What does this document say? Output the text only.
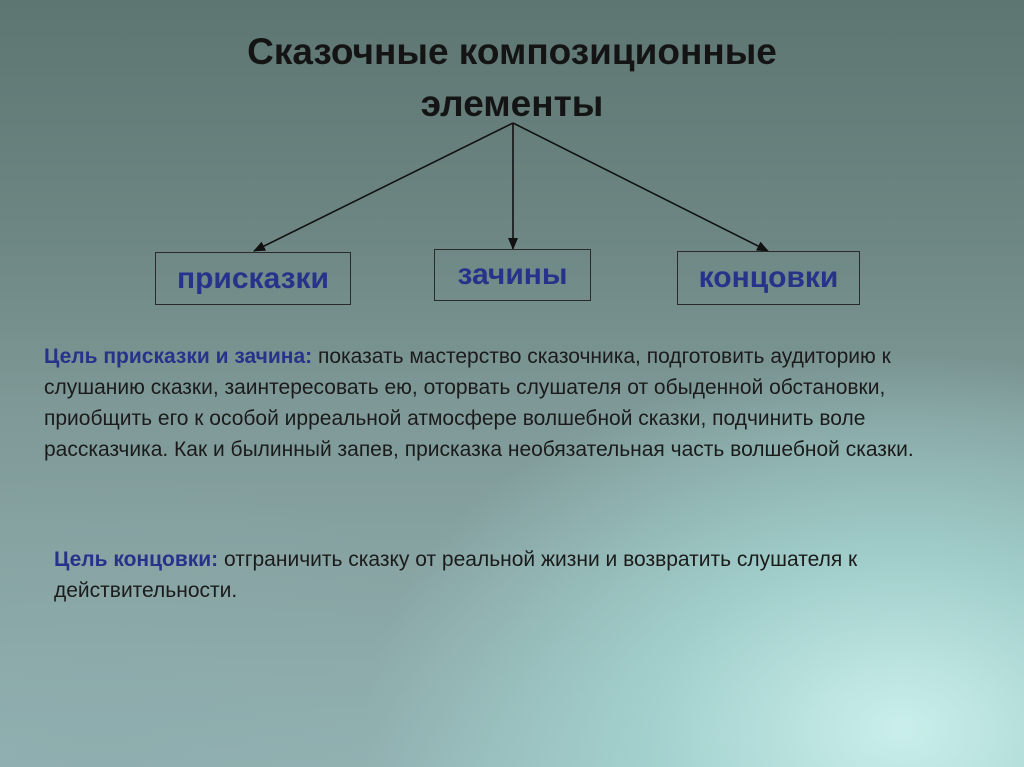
Сказочные композиционные
элементы
присказки	зачины	концовки

Цель присказки и зачина: показать мастерство сказочника, подготовить аудиторию к слушанию сказки, заинтересовать ею, оторвать слушателя от обыденной обстановки, приобщить его к особой ирреальной атмосфере волшебной сказки, подчинить воле рассказчика. Как и былинный запев, присказка необязательная часть волшебной сказки.

Цель концовки: отграничить сказку от реальной жизни и возвратить слушателя к действительности.
